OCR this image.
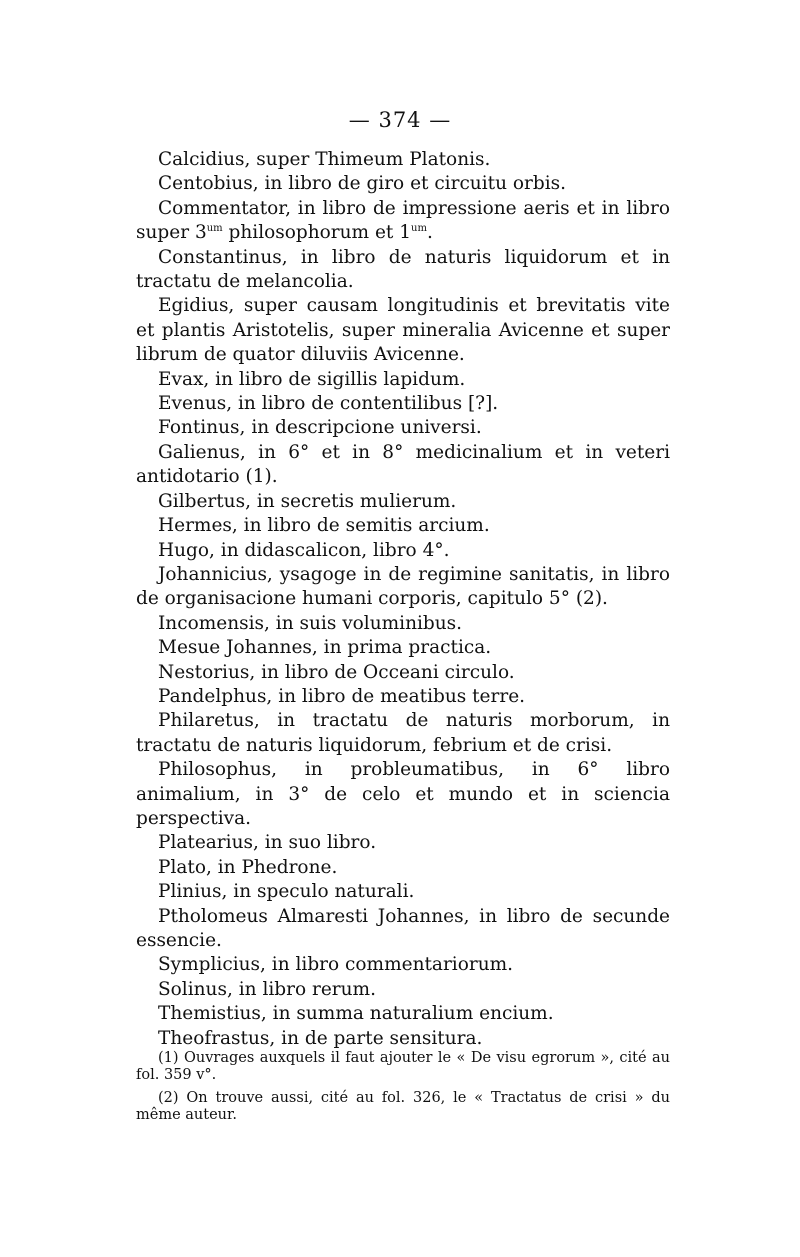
— 374 —
Calcidius, super Thimeum Platonis.
Centobius, in libro de giro et circuitu orbis.
Commentator, in libro de impressione aeris et in libro super $3^{um}$ philosophorum et $1^{um}$.
Constantinus, in libro de naturis liquidorum et in tractatu de melancolia.
Egidius, super causam longitudinis et brevitatis vite et plantis Aristotelis, super mineralia Avicenne et super librum de quator diluviis Avicenne.
Evax, in libro de sigillis lapidum.
Evenus, in libro de contentilibus [?].
Fontinus, in descripcione universi.
Galienus, in 6° et in 8° medicinalium et in veteri antidotario (1).
Gilbertus, in secretis mulierum.
Hermes, in libro de semitis arcium.
Hugo, in didascalicon, libro 4°.
Johannicius, ysagoge in de regimine sanitatis, in libro de organisacione humani corporis, capitulo 5° (2).
Incomensis, in suis voluminibus.
Mesue Johannes, in prima practica.
Nestorius, in libro de Occeani circulo.
Pandelphus, in libro de meatibus terre.
Philaretus, in tractatu de naturis morborum, in tractatu de naturis liquidorum, febrium et de crisi.
Philosophus, in probleumatibus, in 6° libro animalium, in 3° de celo et mundo et in sciencia perspectiva.
Platearius, in suo libro.
Plato, in Phedrone.
Plinius, in speculo naturali.
Ptholomeus Almaresti Johannes, in libro de secunde essencie.
Symplicius, in libro commentariorum.
Solinus, in libro rerum.
Themistius, in summa naturalium encium.
Theofrastus, in de parte sensitura.
(1) Ouvrages auxquels il faut ajouter le « De visu egrorum », cité au fol. 359 v°.
(2) On trouve aussi, cité au fol. 326, le « Tractatus de crisi » du même auteur.
